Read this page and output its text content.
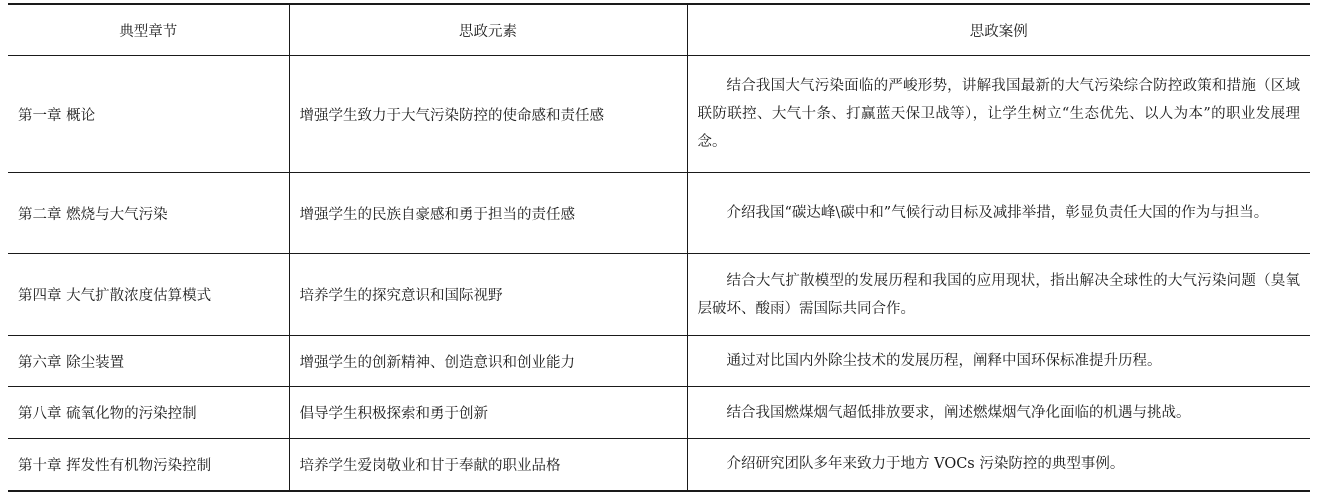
典型章节	思政元素	思政案例
第一章 概论	增强学生致力于大气污染防控的使命感和责任感	结合我国大气污染面临的严峻形势，讲解我国最新的大气污染综合防控政策和措施（区域联防联控、大气十条、打赢蓝天保卫战等），让学生树立“生态优先、以人为本”的职业发展理念。
第二章 燃烧与大气污染	增强学生的民族自豪感和勇于担当的责任感	介绍我国“碳达峰\碳中和”气候行动目标及减排举措，彰显负责任大国的作为与担当。
第四章 大气扩散浓度估算模式	培养学生的探究意识和国际视野	结合大气扩散模型的发展历程和我国的应用现状，指出解决全球性的大气污染问题（臭氧层破坏、酸雨）需国际共同合作。
第六章 除尘装置	增强学生的创新精神、创造意识和创业能力	通过对比国内外除尘技术的发展历程，阐释中国环保标准提升历程。
第八章 硫氧化物的污染控制	倡导学生积极探索和勇于创新	结合我国燃煤烟气超低排放要求，阐述燃煤烟气净化面临的机遇与挑战。
第十章 挥发性有机物污染控制	培养学生爱岗敬业和甘于奉献的职业品格	介绍研究团队多年来致力于地方 VOCs 污染防控的典型事例。
